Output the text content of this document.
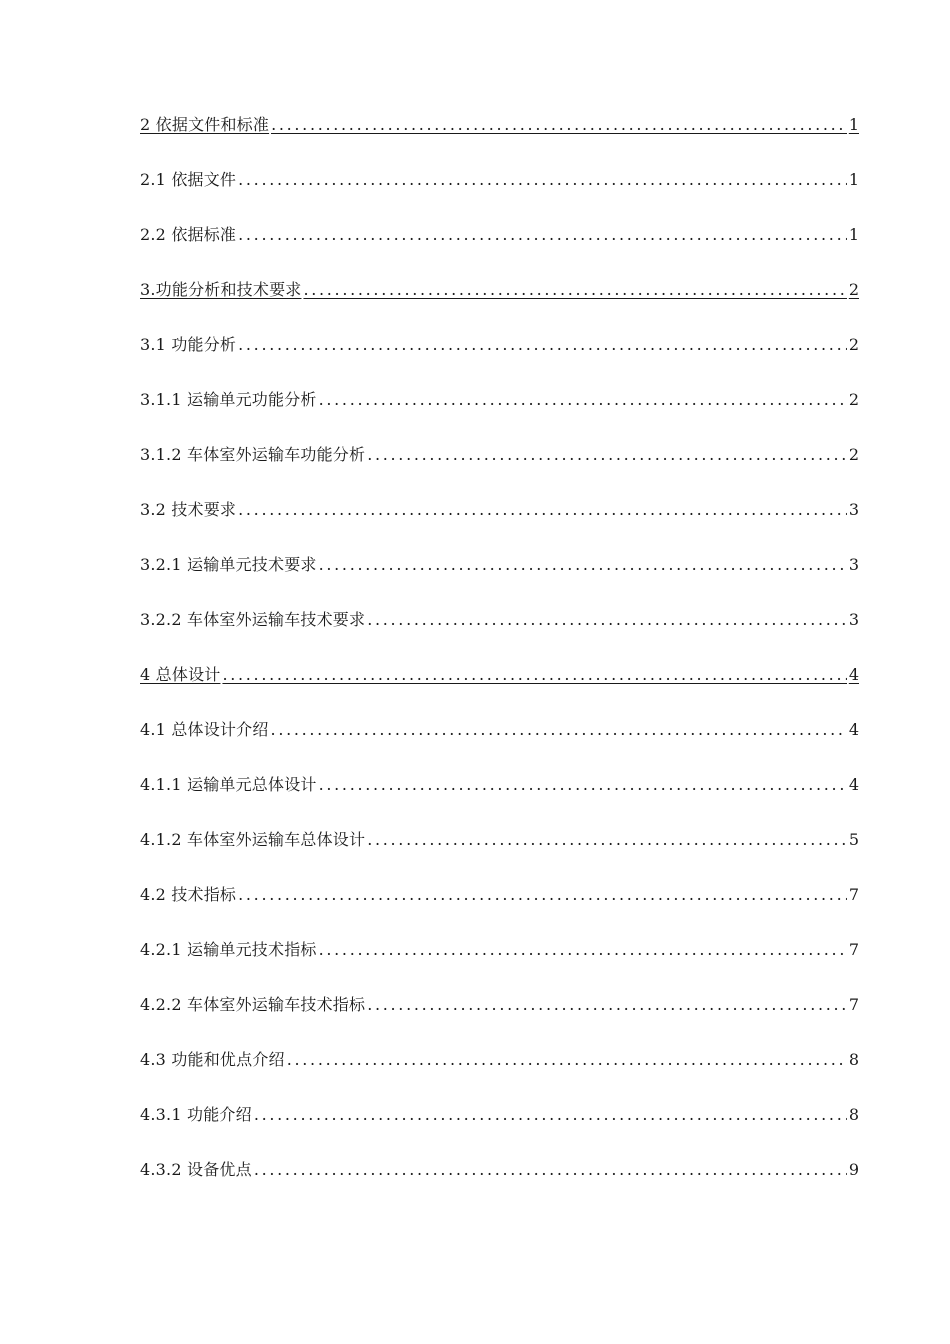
2 依据文件和标准 . . .	1
2.1 依据文件 . . .	1
2.2 依据标准 . . .	1
3.功能分析和技术要求 . . .	2
3.1 功能分析 . . .	2
3.1.1 运输单元功能分析 . . .	2
3.1.2 车体室外运输车功能分析 . . .	2
3.2 技术要求 . . .	3
3.2.1 运输单元技术要求 . . .	3
3.2.2 车体室外运输车技术要求 . . .	3
4 总体设计 . . .	4
4.1 总体设计介绍 . . .	4
4.1.1 运输单元总体设计 . . .	4
4.1.2 车体室外运输车总体设计 . . .	5
4.2 技术指标 . . .	7
4.2.1 运输单元技术指标 . . .	7
4.2.2 车体室外运输车技术指标 . . .	7
4.3 功能和优点介绍 . . .	8
4.3.1 功能介绍 . . .	8
4.3.2 设备优点 . . .	9
